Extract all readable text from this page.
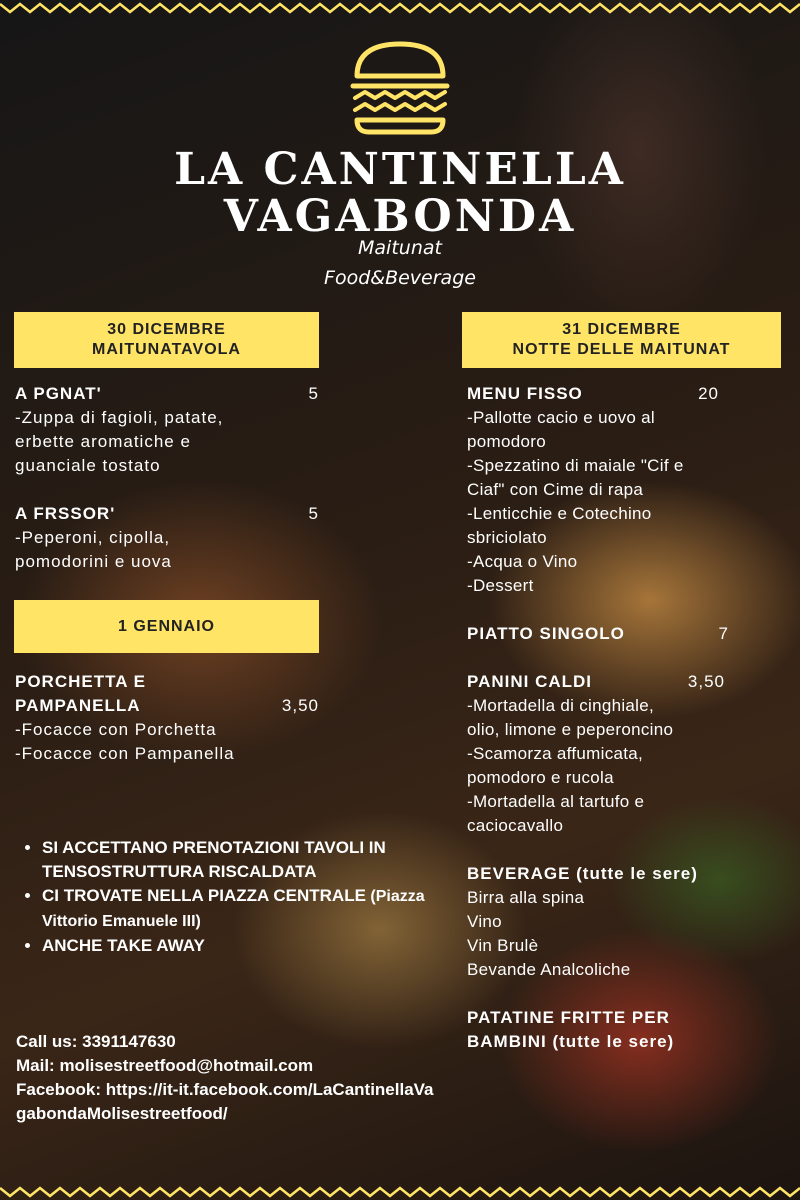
LA CANTINELLA
VAGABONDA
Maitunat
Food&Beverage
30 DICEMBRE
MAITUNATAVOLA
A PGNAT'	5
-Zuppa di fagioli, patate,
erbette aromatiche e
guanciale tostato
A FRSSOR'	5
-Peperoni, cipolla,
pomodorini e uova
1 GENNAIO
PORCHETTA E
PAMPANELLA	3,50
-Focacce con Porchetta
-Focacce con Pampanella
31 DICEMBRE
NOTTE DELLE MAITUNAT
MENU FISSO	20
-Pallotte cacio e uovo al
pomodoro
-Spezzatino di maiale "Cif e
Ciaf" con Cime di rapa
-Lenticchie e Cotechino
sbriciolato
-Acqua o Vino
-Dessert
PIATTO SINGOLO	7
PANINI CALDI	3,50
-Mortadella di cinghiale,
olio, limone e peperoncino
-Scamorza affumicata,
pomodoro e rucola
-Mortadella al tartufo e
caciocavallo
BEVERAGE (tutte le sere)
Birra alla spina
Vino
Vin Brulè
Bevande Analcoliche
PATATINE FRITTE PER
BAMBINI (tutte le sere)
• SI ACCETTANO PRENOTAZIONI TAVOLI IN TENSOSTRUTTURA RISCALDATA
• CI TROVATE NELLA PIAZZA CENTRALE (Piazza Vittorio Emanuele III)
• ANCHE TAKE AWAY
Call us: 3391147630
Mail: molisestreetfood@hotmail.com
Facebook: https://it-it.facebook.com/LaCantinellaVagabondaMolisestreetfood/
